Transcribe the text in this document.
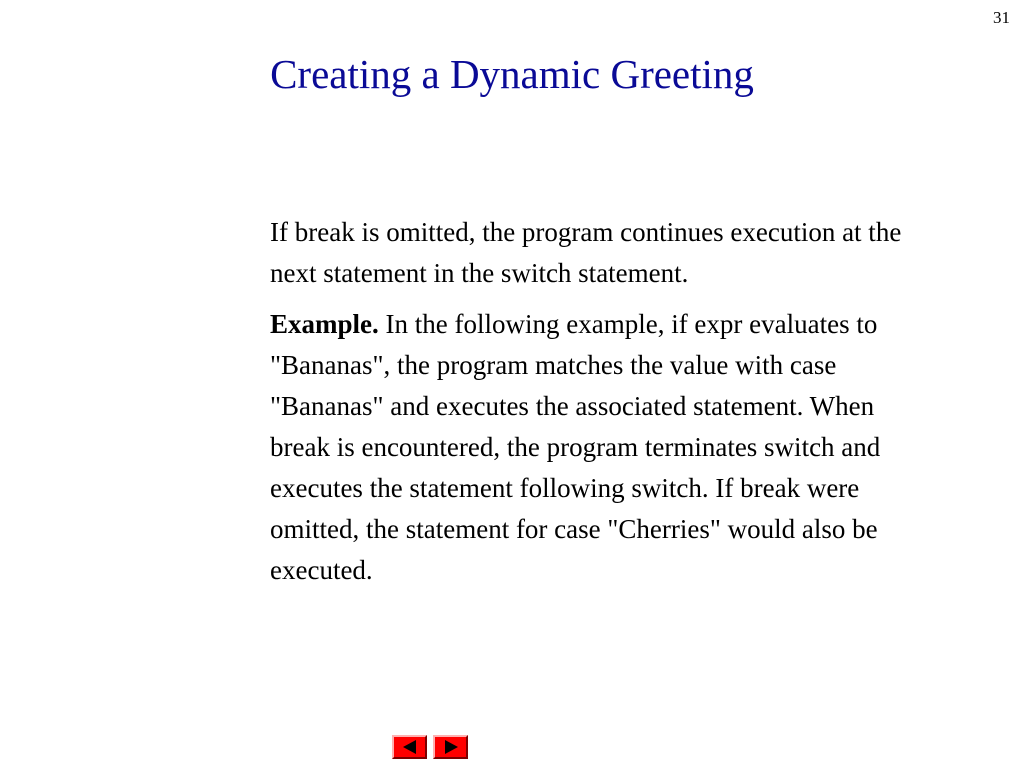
31
Creating a Dynamic Greeting

If break is omitted, the program continues execution at the next statement in the switch statement.

Example. In the following example, if expr evaluates to "Bananas", the program matches the value with case "Bananas" and executes the associated statement. When break is encountered, the program terminates switch and executes the statement following switch. If break were omitted, the statement for case "Cherries" would also be executed.
